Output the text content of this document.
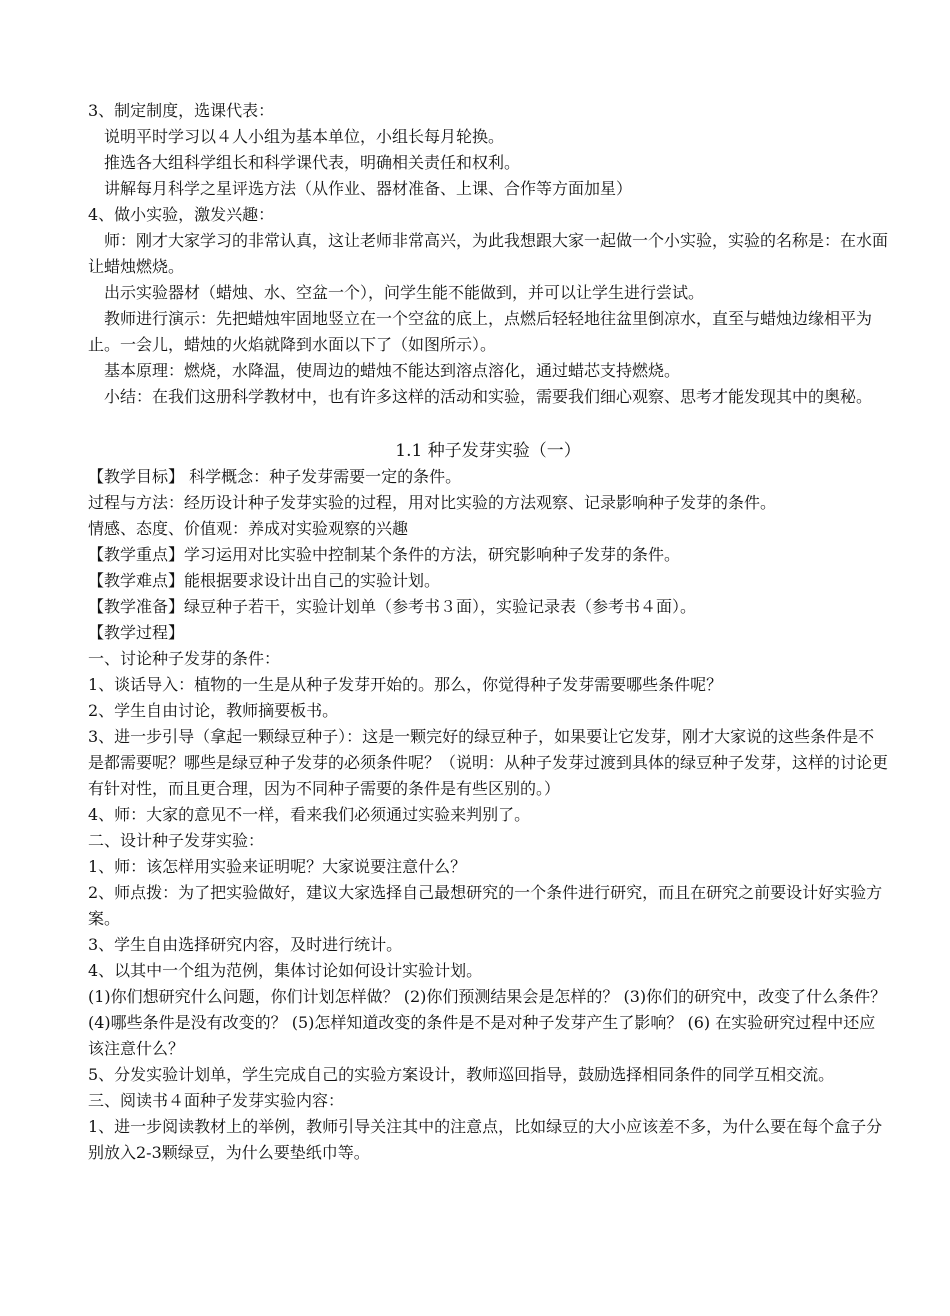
3、制定制度，选课代表：
说明平时学习以４人小组为基本单位，小组长每月轮换。
推选各大组科学组长和科学课代表，明确相关责任和权利。
讲解每月科学之星评选方法（从作业、器材准备、上课、合作等方面加星）
4、做小实验，激发兴趣：
师：刚才大家学习的非常认真，这让老师非常高兴，为此我想跟大家一起做一个小实验，实验的名称是：在水面让蜡烛燃烧。
出示实验器材（蜡烛、水、空盆一个），问学生能不能做到，并可以让学生进行尝试。
教师进行演示：先把蜡烛牢固地竖立在一个空盆的底上，点燃后轻轻地往盆里倒凉水，直至与蜡烛边缘相平为止。一会儿，蜡烛的火焰就降到水面以下了（如图所示）。
基本原理：燃烧，水降温，使周边的蜡烛不能达到溶点溶化，通过蜡芯支持燃烧。
小结：在我们这册科学教材中，也有许多这样的活动和实验，需要我们细心观察、思考才能发现其中的奥秘。
1.1 种子发芽实验（一）
【教学目标】 科学概念：种子发芽需要一定的条件。
过程与方法：经历设计种子发芽实验的过程，用对比实验的方法观察、记录影响种子发芽的条件。
情感、态度、价值观：养成对实验观察的兴趣
【教学重点】学习运用对比实验中控制某个条件的方法，研究影响种子发芽的条件。
【教学难点】能根据要求设计出自己的实验计划。
【教学准备】绿豆种子若干，实验计划单（参考书３面），实验记录表（参考书４面）。
【教学过程】
一、讨论种子发芽的条件：
1、谈话导入：植物的一生是从种子发芽开始的。那么，你觉得种子发芽需要哪些条件呢？
2、学生自由讨论，教师摘要板书。
3、进一步引导（拿起一颗绿豆种子）：这是一颗完好的绿豆种子，如果要让它发芽，刚才大家说的这些条件是不是都需要呢？哪些是绿豆种子发芽的必须条件呢？（说明：从种子发芽过渡到具体的绿豆种子发芽，这样的讨论更有针对性，而且更合理，因为不同种子需要的条件是有些区别的。）
4、师：大家的意见不一样，看来我们必须通过实验来判别了。
二、设计种子发芽实验：
1、师：该怎样用实验来证明呢？大家说要注意什么？
2、师点拨：为了把实验做好，建议大家选择自己最想研究的一个条件进行研究，而且在研究之前要设计好实验方案。
3、学生自由选择研究内容，及时进行统计。
4、以其中一个组为范例，集体讨论如何设计实验计划。
(1)你们想研究什么问题，你们计划怎样做？ (2)你们预测结果会是怎样的？ (3)你们的研究中，改变了什么条件？ (4)哪些条件是没有改变的？ (5)怎样知道改变的条件是不是对种子发芽产生了影响？ (6) 在实验研究过程中还应该注意什么？
5、分发实验计划单，学生完成自己的实验方案设计，教师巡回指导，鼓励选择相同条件的同学互相交流。
三、阅读书４面种子发芽实验内容：
1、进一步阅读教材上的举例，教师引导关注其中的注意点，比如绿豆的大小应该差不多，为什么要在每个盒子分别放入2-3颗绿豆，为什么要垫纸巾等。
